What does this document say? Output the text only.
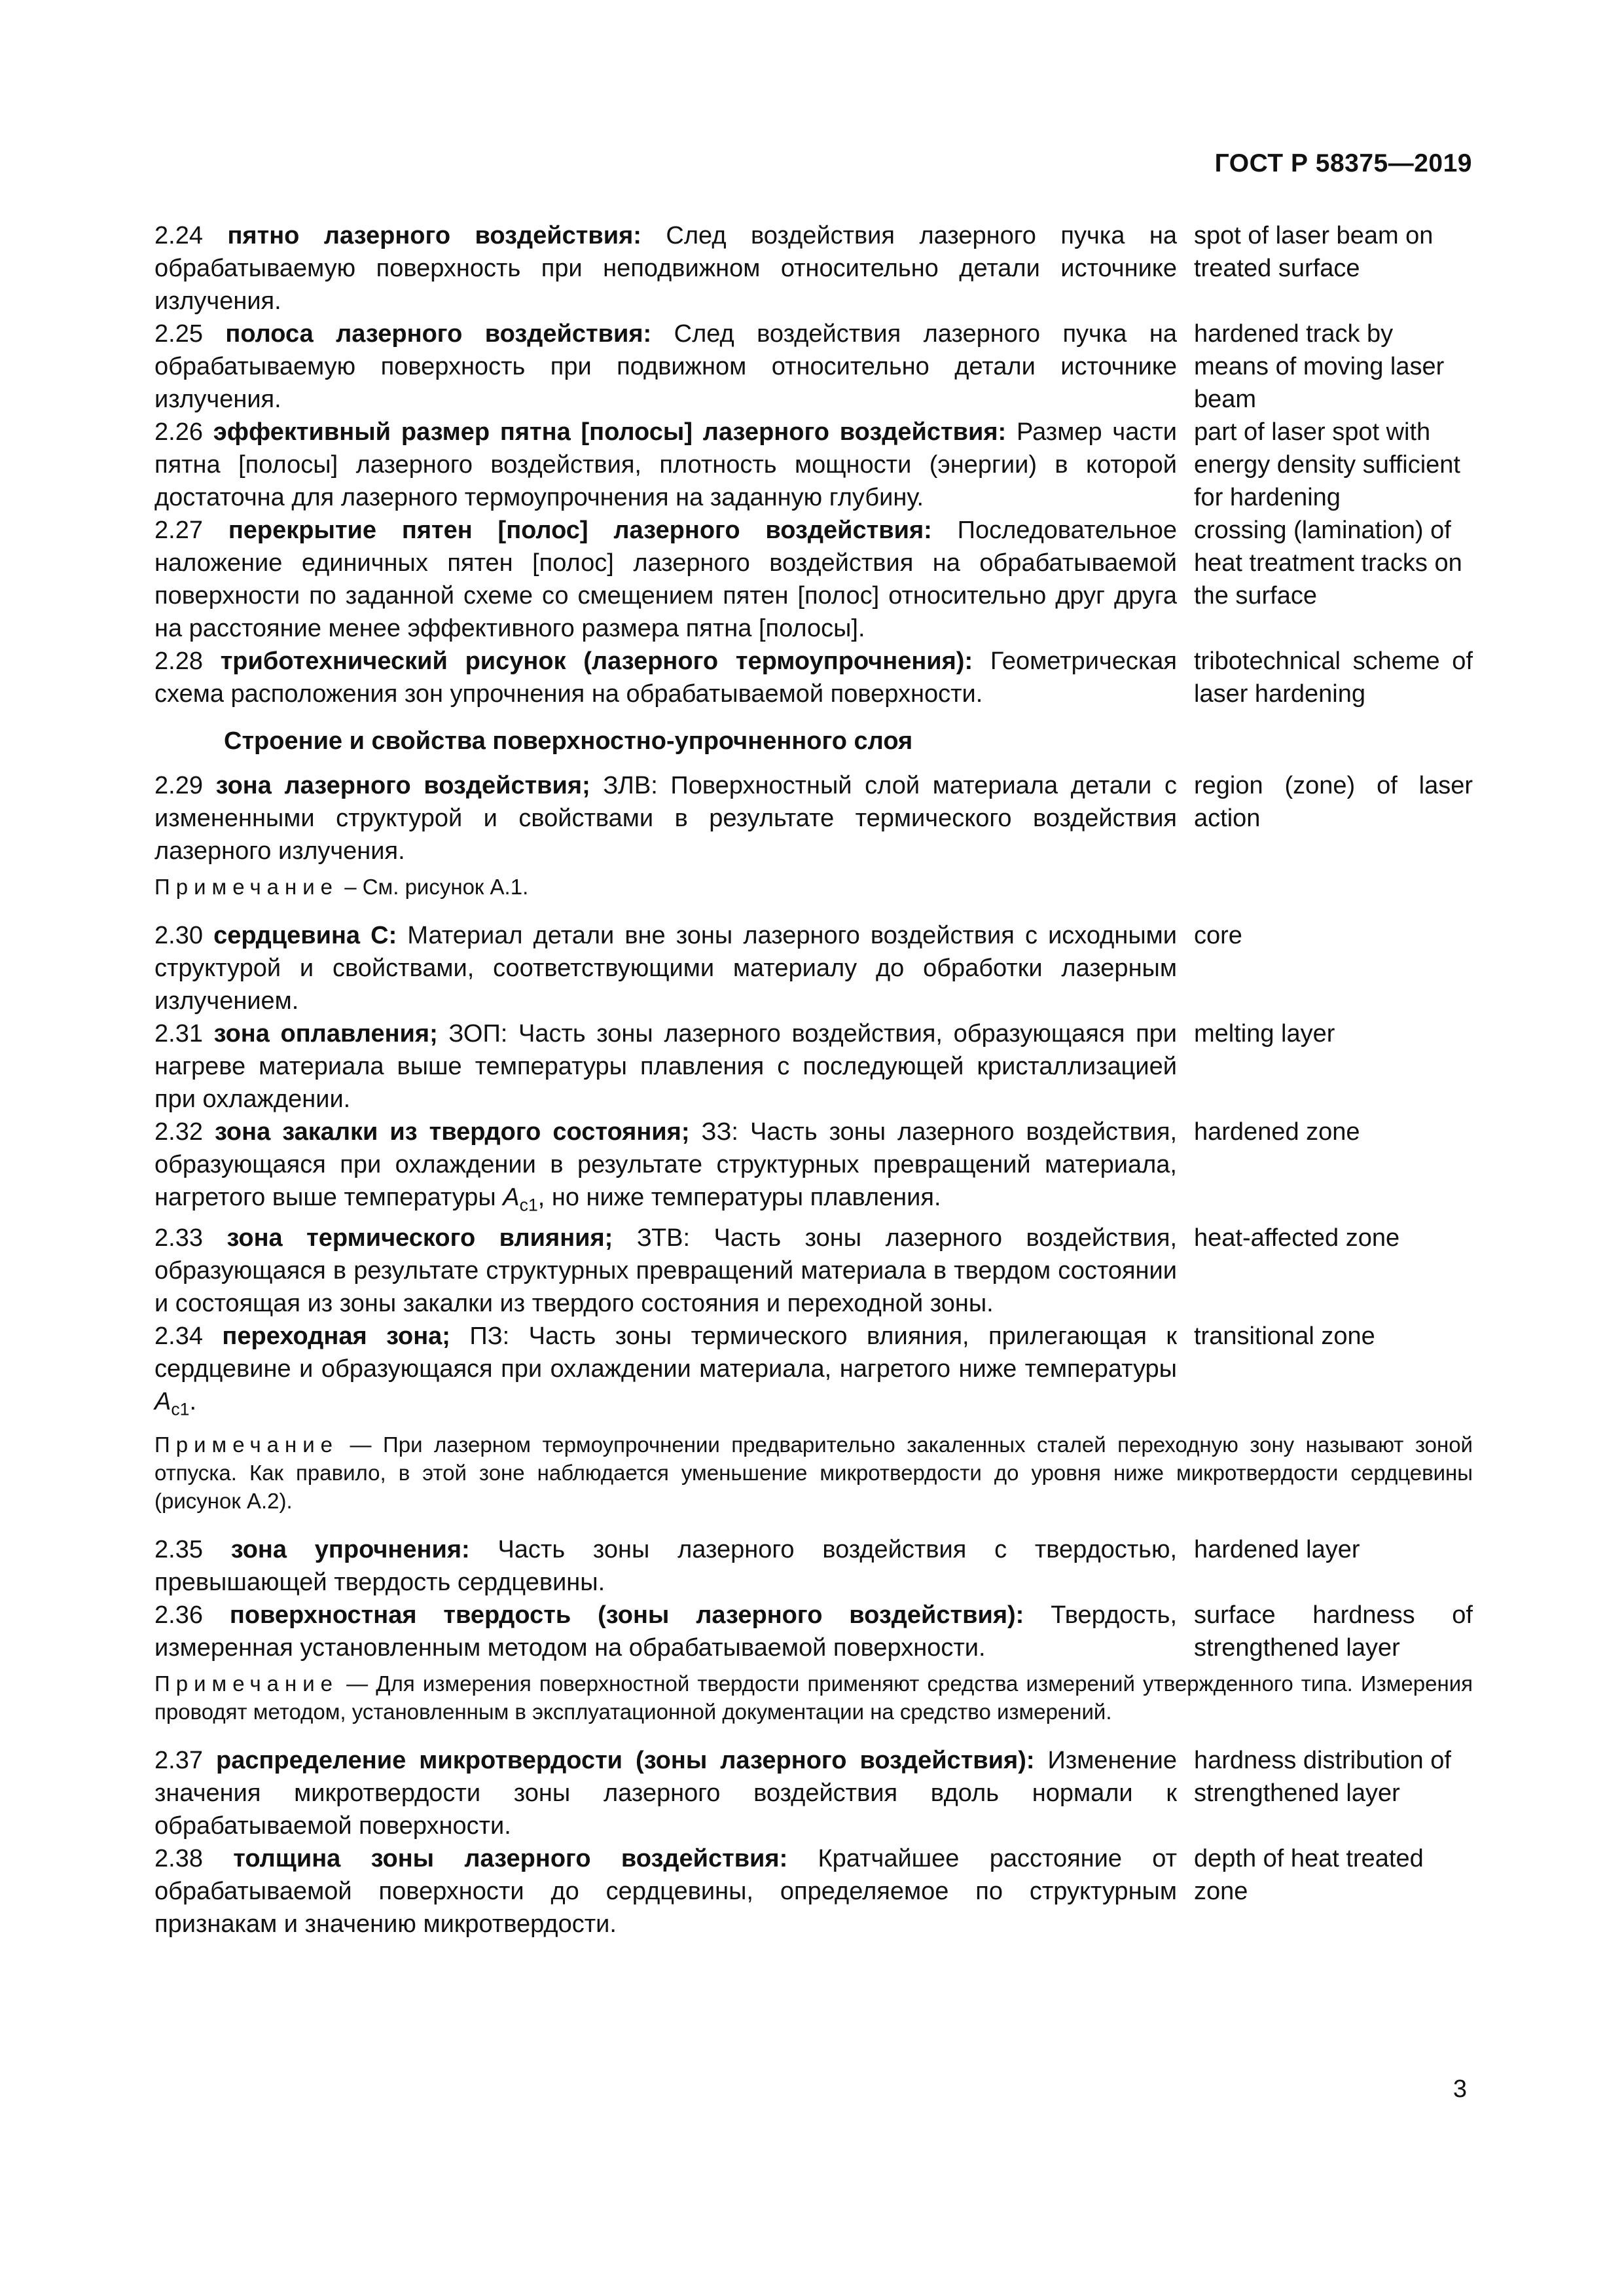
ГОСТ Р 58375—2019
2.24 пятно лазерного воздействия: След воздействия лазерного пучка на обрабатываемую поверхность при неподвижном относительно детали источнике излучения.
spot of laser beam on treated surface
2.25 полоса лазерного воздействия: След воздействия лазерного пучка на обрабатываемую поверхность при подвижном относительно детали источнике излучения.
hardened track by means of moving laser beam
2.26 эффективный размер пятна [полосы] лазерного воздействия: Размер части пятна [полосы] лазерного воздействия, плотность мощности (энергии) в которой достаточна для лазерного термоупрочнения на заданную глубину.
part of laser spot with energy density sufficient for hardening
2.27 перекрытие пятен [полос] лазерного воздействия: Последовательное наложение единичных пятен [полос] лазерного воздействия на обрабатываемой поверхности по заданной схеме со смещением пятен [полос] относительно друг друга на расстояние менее эффективного размера пятна [полосы].
crossing (lamination) of heat treatment tracks on the surface
2.28 триботехнический рисунок (лазерного термоупрочнения): Геометрическая схема расположения зон упрочнения на обрабатываемой поверхности.
tribotechnical scheme of laser hardening
Строение и свойства поверхностно-упрочненного слоя
2.29 зона лазерного воздействия; ЗЛВ: Поверхностный слой материала детали с измененными структурой и свойствами в результате термического воздействия лазерного излучения.
region (zone) of laser action
Примечание – См. рисунок А.1.
2.30 сердцевина С: Материал детали вне зоны лазерного воздействия с исходными структурой и свойствами, соответствующими материалу до обработки лазерным излучением.
core
2.31 зона оплавления; ЗОП: Часть зоны лазерного воздействия, образующаяся при нагреве материала выше температуры плавления с последующей кристаллизацией при охлаждении.
melting layer
2.32 зона закалки из твердого состояния; ЗЗ: Часть зоны лазерного воздействия, образующаяся при охлаждении в результате структурных превращений материала, нагретого выше температуры $A_{c1}$, но ниже температуры плавления.
hardened zone
2.33 зона термического влияния; ЗТВ: Часть зоны лазерного воздействия, образующаяся в результате структурных превращений материала в твердом состоянии и состоящая из зоны закалки из твердого состояния и переходной зоны.
heat-affected zone
2.34 переходная зона; ПЗ: Часть зоны термического влияния, прилегающая к сердцевине и образующаяся при охлаждении материала, нагретого ниже температуры $A_{c1}$.
transitional zone
Примечание — При лазерном термоупрочнении предварительно закаленных сталей переходную зону называют зоной отпуска. Как правило, в этой зоне наблюдается уменьшение микротвердости до уровня ниже микротвердости сердцевины (рисунок А.2).
2.35 зона упрочнения: Часть зоны лазерного воздействия с твердостью, превышающей твердость сердцевины.
hardened layer
2.36 поверхностная твердость (зоны лазерного воздействия): Твердость, измеренная установленным методом на обрабатываемой поверхности.
surface hardness of strengthened layer
Примечание — Для измерения поверхностной твердости применяют средства измерений утвержденного типа. Измерения проводят методом, установленным в эксплуатационной документации на средство измерений.
2.37 распределение микротвердости (зоны лазерного воздействия): Изменение значения микротвердости зоны лазерного воздействия вдоль нормали к обрабатываемой поверхности.
hardness distribution of strengthened layer
2.38 толщина зоны лазерного воздействия: Кратчайшее расстояние от обрабатываемой поверхности до сердцевины, определяемое по структурным признакам и значению микротвердости.
depth of heat treated zone
3
